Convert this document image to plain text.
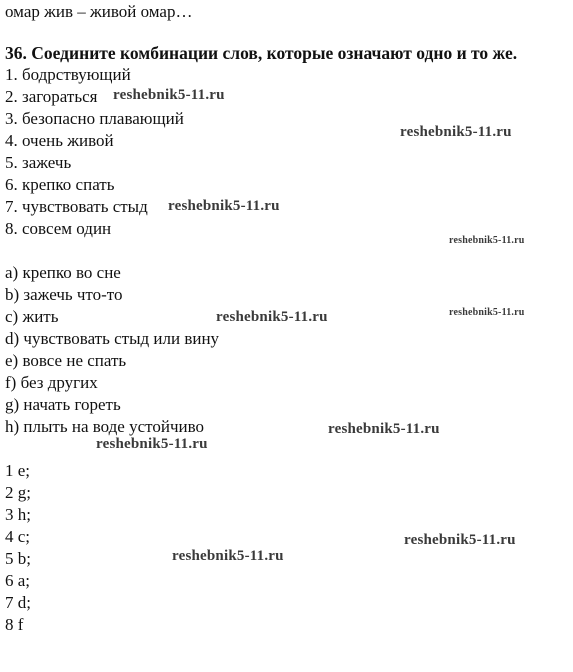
омар жив – живой омар…
36. Соедините комбинации слов, которые означают одно и то же.
1. бодрствующий
2. загораться
3. безопасно плавающий
4. очень живой
5. зажечь
6. крепко спать
7. чувствовать стыд
8. совсем один
a) крепко во сне
b) зажечь что-то
c) жить
d) чувствовать стыд или вину
e) вовсе не спать
f) без других
g) начать гореть
h) плыть на воде устойчиво
1 e;
2 g;
3 h;
4 c;
5 b;
6 a;
7 d;
8 f
reshebnik5-11.ru
reshebnik5-11.ru
reshebnik5-11.ru
reshebnik5-11.ru
reshebnik5-11.ru	reshebnik5-11.ru
reshebnik5-11.ru
reshebnik5-11.ru
reshebnik5-11.ru
reshebnik5-11.ru
